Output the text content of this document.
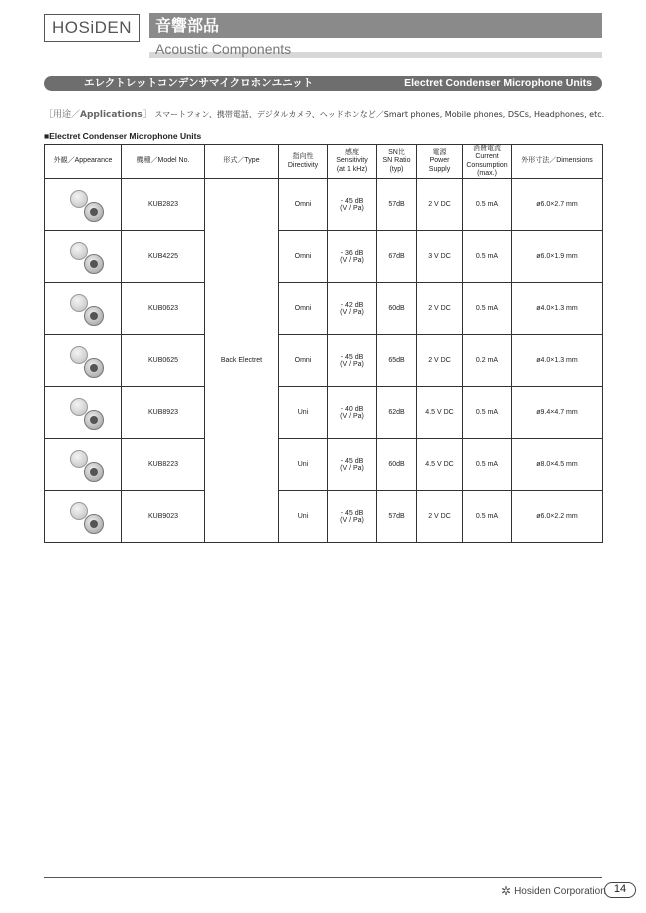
HOSiDEN	音響部品
Acoustic Components
エレクトレットコンデンサマイクロホンユニット	Electret Condenser Microphone Units
［用途／Applications］ スマートフォン、携帯電話、デジタルカメラ、ヘッドホンなど／Smart phones, Mobile phones, DSCs, Headphones, etc.
■Electret Condenser Microphone Units
外観／Appearance	機種／Model No.	形式／Type	指向性
Directivity	感度
Sensitivity
(at 1 kHz)	SN比
SN Ratio
(typ)	電源
Power
Supply	消費電流
Current
Consumption
(max.)	外形寸法／Dimensions

	KUB2823	Back Electret	Omni	- 45 dB
(V / Pa)	57dB	2 V DC	0.5 mA	ø6.0×2.7 mm

	KUB4225		Omni	- 36 dB
(V / Pa)	67dB	3 V DC	0.5 mA	ø6.0×1.9 mm

	KUB0623		Omni	- 42 dB
(V / Pa)	60dB	2 V DC	0.5 mA	ø4.0×1.3 mm

	KUB0625		Omni	- 45 dB
(V / Pa)	65dB	2 V DC	0.2 mA	ø4.0×1.3 mm

	KUB8923		Uni	- 40 dB
(V / Pa)	62dB	4.5 V DC	0.5 mA	ø9.4×4.7 mm

	KUB8223		Uni	- 45 dB
(V / Pa)	60dB	4.5 V DC	0.5 mA	ø8.0×4.5 mm

	KUB9023		Uni	- 45 dB
(V / Pa)	57dB	2 V DC	0.5 mA	ø6.0×2.2 mm
✲ Hosiden Corporation 14
